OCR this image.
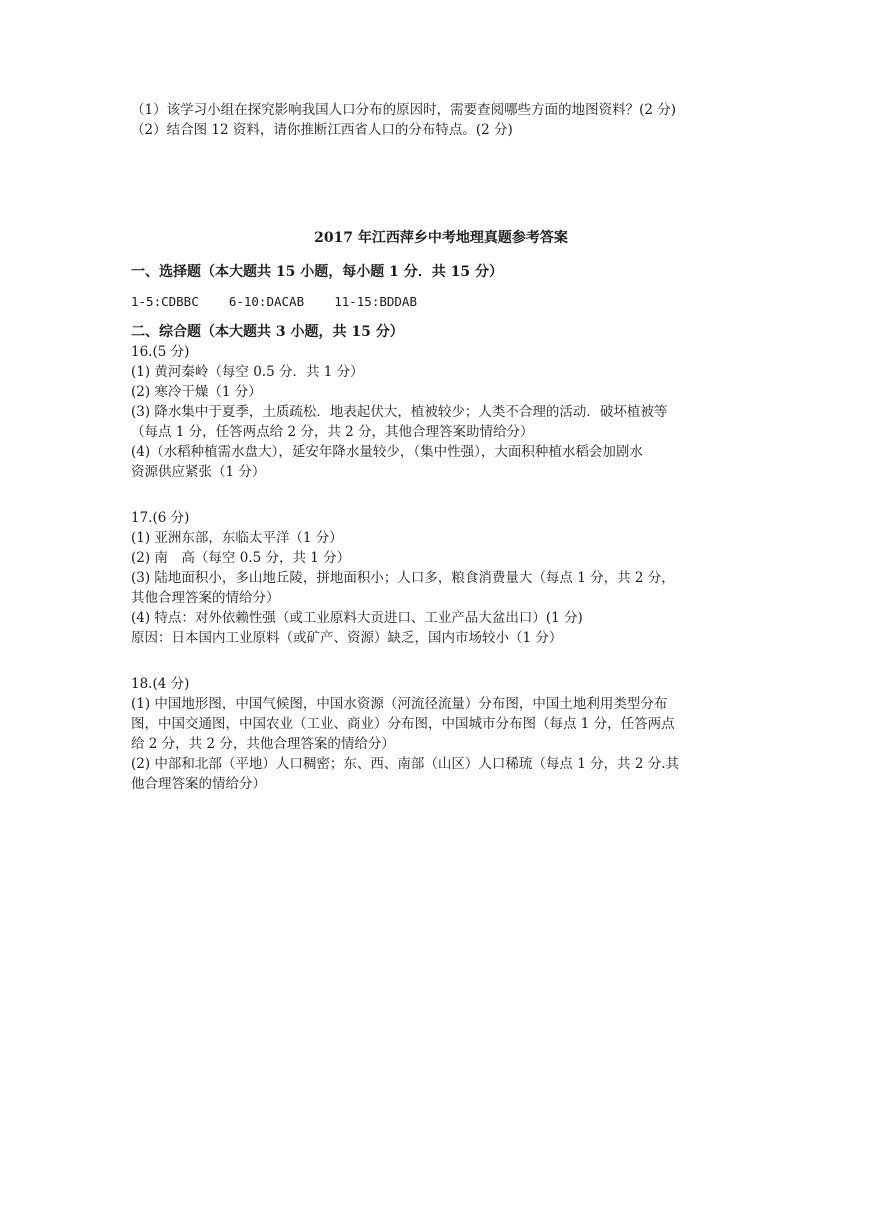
（1）该学习小组在探究影响我国人口分布的原因时，需要查阅哪些方面的地图资料？(2 分)
（2）结合图 12 资料，请你推断江西省人口的分布特点。(2 分)
2017 年江西萍乡中考地理真题参考答案
一、选择题（本大题共 15 小题，每小题 1 分．共 15 分）
1-5:CDBBC    6-10:DACAB    11-15:BDDAB
二、综合题（本大题共 3 小题，共 15 分）
16.(5 分)
(1) 黄河秦岭（每空 0.5 分．共 1 分）
(2) 寒冷干燥（1 分）
(3) 降水集中于夏季，土质疏松．地表起伏大，植被较少；人类不合理的活动．破坏植被等
（每点 1 分，任答两点给 2 分，共 2 分，其他合理答案助情给分）
(4)（水稻种植需水盘大），延安年降水量较少，（集中性强），大面积种植水稻会加剧水
资源供应紧张（1 分）
17.(6 分)
(1) 亚洲东部，东临太平洋（1 分）
(2) 南　高（每空 0.5 分，共 1 分）
(3) 陆地面积小，多山地丘陵，拼地面积小；人口多，粮食消费量大（每点 1 分，共 2 分，
其他合理答案的情给分）
(4) 特点：对外依赖性强（或工业原料大贡进口、工业产品大盆出口）(1 分)
原因：日本国内工业原料（或矿产、资源）缺乏，国内市场较小（1 分）
18.(4 分)
(1) 中国地形图，中国气候图，中国水资源（河流径流量）分布图，中国土地利用类型分布
图，中国交通图，中国农业（工业、商业）分布图，中国城市分布图（每点 1 分，任答两点
给 2 分，共 2 分，共他合理答案的情给分）
(2) 中部和北部（平地）人口稠密；东、西、南部（山区）人口稀琉（每点 1 分，共 2 分.其
他合理答案的情给分）
